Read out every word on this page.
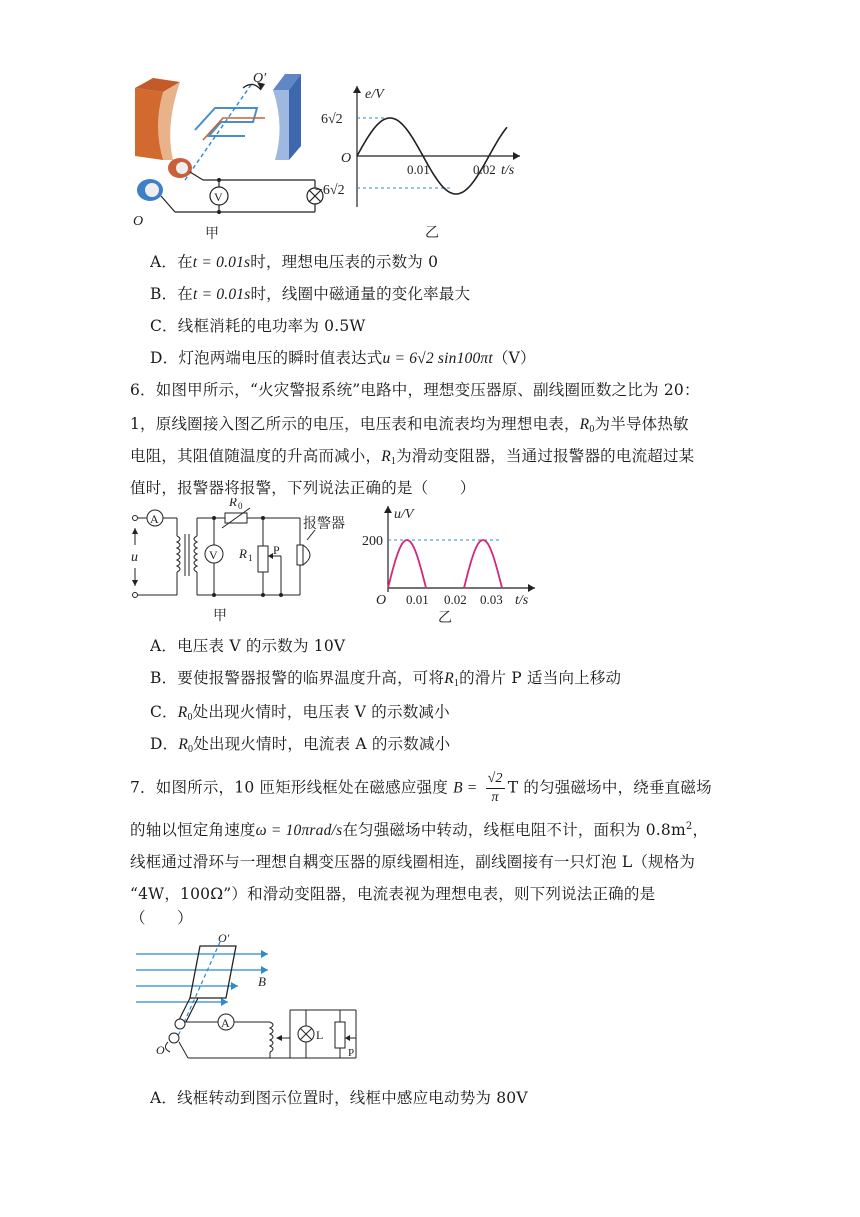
O′
V
O
甲
e/V
t/s
O
6√2
−6√2
0.01	0.02
乙
A．在t = 0.01s时，理想电压表的示数为 0
B．在t = 0.01s时，线圈中磁通量的变化率最大
C．线框消耗的电功率为 0.5W
D．灯泡两端电压的瞬时值表达式u = 6√2 sin100πt（V）
6．如图甲所示，“火灾警报系统”电路中，理想变压器原、副线圈匝数之比为 20：
1，原线圈接入图乙所示的电压，电压表和电流表均为理想电表，$R_0$为半导体热敏
电阻，其阻值随温度的升高而减小，$R_1$为滑动变阻器，当通过报警器的电流超过某
值时，报警器将报警，下列说法正确的是（　　）
A
u	V
R 0
R 1
P
报警器
甲
u/V
200
O 0.01 0.02 0.03 t/s
乙
A．电压表 V 的示数为 10V
B．要使报警器报警的临界温度升高，可将$R_1$的滑片 P 适当向上移动
C．$R_0$处出现火情时，电压表 V 的示数减小
D．$R_0$处出现火情时，电流表 A 的示数减小
7．如图所示，10 匝矩形线框处在磁感应强度 $B = \frac{√2}{\pi}$ T 的匀强磁场中，绕垂直磁场
的轴以恒定角速度ω = 10πrad/s在匀强磁场中转动，线框电阻不计，面积为 $0.8m^2$，
线框通过滑环与一理想自耦变压器的原线圈相连，副线圈接有一只灯泡 L（规格为
“4W，100Ω”）和滑动变阻器，电流表视为理想电表，则下列说法正确的是
（　　）
O′
B
O
A
L
P
A．线框转动到图示位置时，线框中感应电动势为 80V
